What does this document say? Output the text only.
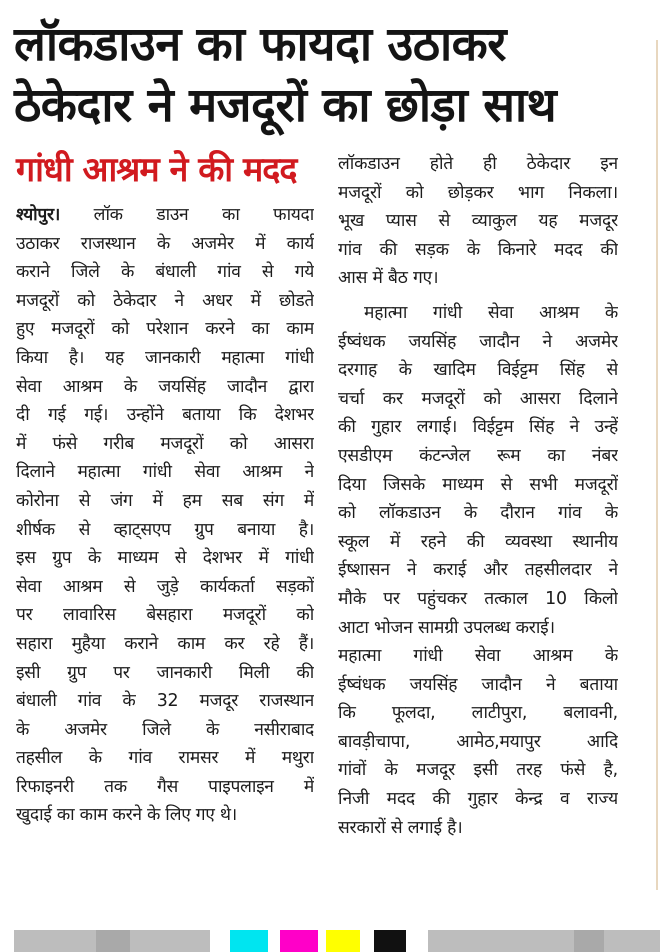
लॉकडाउन का फायदा उठाकर
ठेकेदार ने मजदूरों का छोड़ा साथ
गांधी आश्रम ने की मदद
श्योपुर। लॉक डाउन का फायदा
उठाकर राजस्थान के अजमेर में कार्य
कराने जिले के बंधाली गांव से गये
मजदूरों को ठेकेदार ने अधर में छोडते
हुए मजदूरों को परेशान करने का काम
किया है। यह जानकारी महात्मा गांधी
सेवा आश्रम के जयसिंह जादौन द्वारा
दी गई गई। उन्होंने बताया कि देशभर
में फंसे गरीब मजदूरों को आसरा
दिलाने महात्मा गांधी सेवा आश्रम ने
कोरोना से जंग में हम सब संग में
शीर्षक से व्हाट्सएप ग्रुप बनाया है।
इस ग्रुप के माध्यम से देशभर में गांधी
सेवा आश्रम से जुड़े कार्यकर्ता सड़कों
पर लावारिस बेसहारा मजदूरों को
सहारा मुहैया कराने काम कर रहे हैं।
इसी ग्रुप पर जानकारी मिली की
बंधाली गांव के 32 मजदूर राजस्थान
के अजमेर जिले के नसीराबाद
तहसील के गांव रामसर में मथुरा
रिफाइनरी तक गैस पाइपलाइन में
खुदाई का काम करने के लिए गए थे।
लॉकडाउन होते ही ठेकेदार इन
मजदूरों को छोड़कर भाग निकला।
भूख प्यास से व्याकुल यह मजदूर
गांव की सड़क के किनारे मदद की
आस में बैठ गए।
महात्मा गांधी सेवा आश्रम के
ईष्वंधक जयसिंह जादौन ने अजमेर
दरगाह के खादिम विईट्टम सिंह से
चर्चा कर मजदूरों को आसरा दिलाने
की गुहार लगाई। विईट्टम सिंह ने उन्हें
एसडीएम कंटन्जेल रूम का नंबर
दिया जिसके माध्यम से सभी मजदूरों
को लॉकडाउन के दौरान गांव के
स्कूल में रहने की व्यवस्था स्थानीय
ईष्शासन ने कराई और तहसीलदार ने
मौके पर पहुंचकर तत्काल 10 किलो
आटा भोजन सामग्री उपलब्ध कराई।
महात्मा गांधी सेवा आश्रम के
ईष्वंधक जयसिंह जादौन ने बताया
कि फूलदा, लाटीपुरा, बलावनी,
बावड़ीचापा, आमेठ,मयापुर आदि
गांवों के मजदूर इसी तरह फंसे है,
निजी मदद की गुहार केन्द्र व राज्य
सरकारों से लगाई है।
